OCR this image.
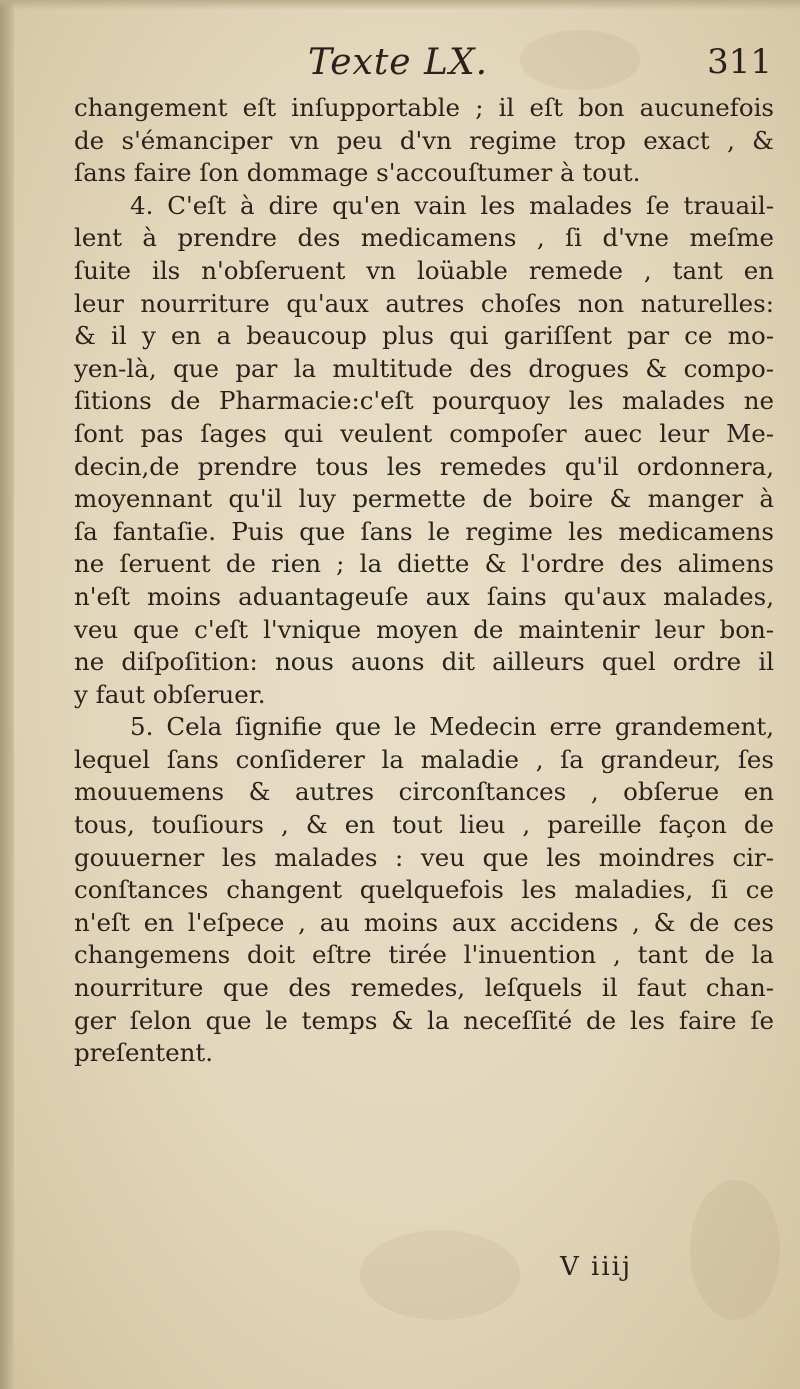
Texte LX.	311
changement eſt inſupportable ; il eſt bon aucunefois
de s'émanciper vn peu d'vn regime trop exact , &
ſans faire ſon dommage s'accouſtumer à tout.
4. C'eſt à dire qu'en vain les malades ſe trauail-
lent à prendre des medicamens , ſi d'vne meſme
ſuite ils n'obſeruent vn loüable remede , tant en
leur nourriture qu'aux autres choſes non naturelles:
& il y en a beaucoup plus qui gariſſent par ce mo-
yen-là, que par la multitude des drogues & compo-
ſitions de Pharmacie:c'eſt pourquoy les malades ne
ſont pas ſages qui veulent compoſer auec leur Me-
decin,de prendre tous les remedes qu'il ordonnera,
moyennant qu'il luy permette de boire & manger à
ſa fantaſie. Puis que ſans le regime les medicamens
ne ſeruent de rien ; la diette & l'ordre des alimens
n'eſt moins aduantageuſe aux ſains qu'aux malades,
veu que c'eſt l'vnique moyen de maintenir leur bon-
ne diſpoſition: nous auons dit ailleurs quel ordre il
y faut obſeruer.
5. Cela ſignifie que le Medecin erre grandement,
lequel ſans conſiderer la maladie , ſa grandeur, ſes
mouuemens & autres circonſtances , obſerue en
tous, touſiours , & en tout lieu , pareille façon de
gouuerner les malades : veu que les moindres cir-
conſtances changent quelquefois les maladies, ſi ce
n'eſt en l'eſpece , au moins aux accidens , & de ces
changemens doit eſtre tirée l'inuention , tant de la
nourriture que des remedes, leſquels il faut chan-
ger ſelon que le temps & la neceſſité de les faire ſe
preſentent.
V iiij
